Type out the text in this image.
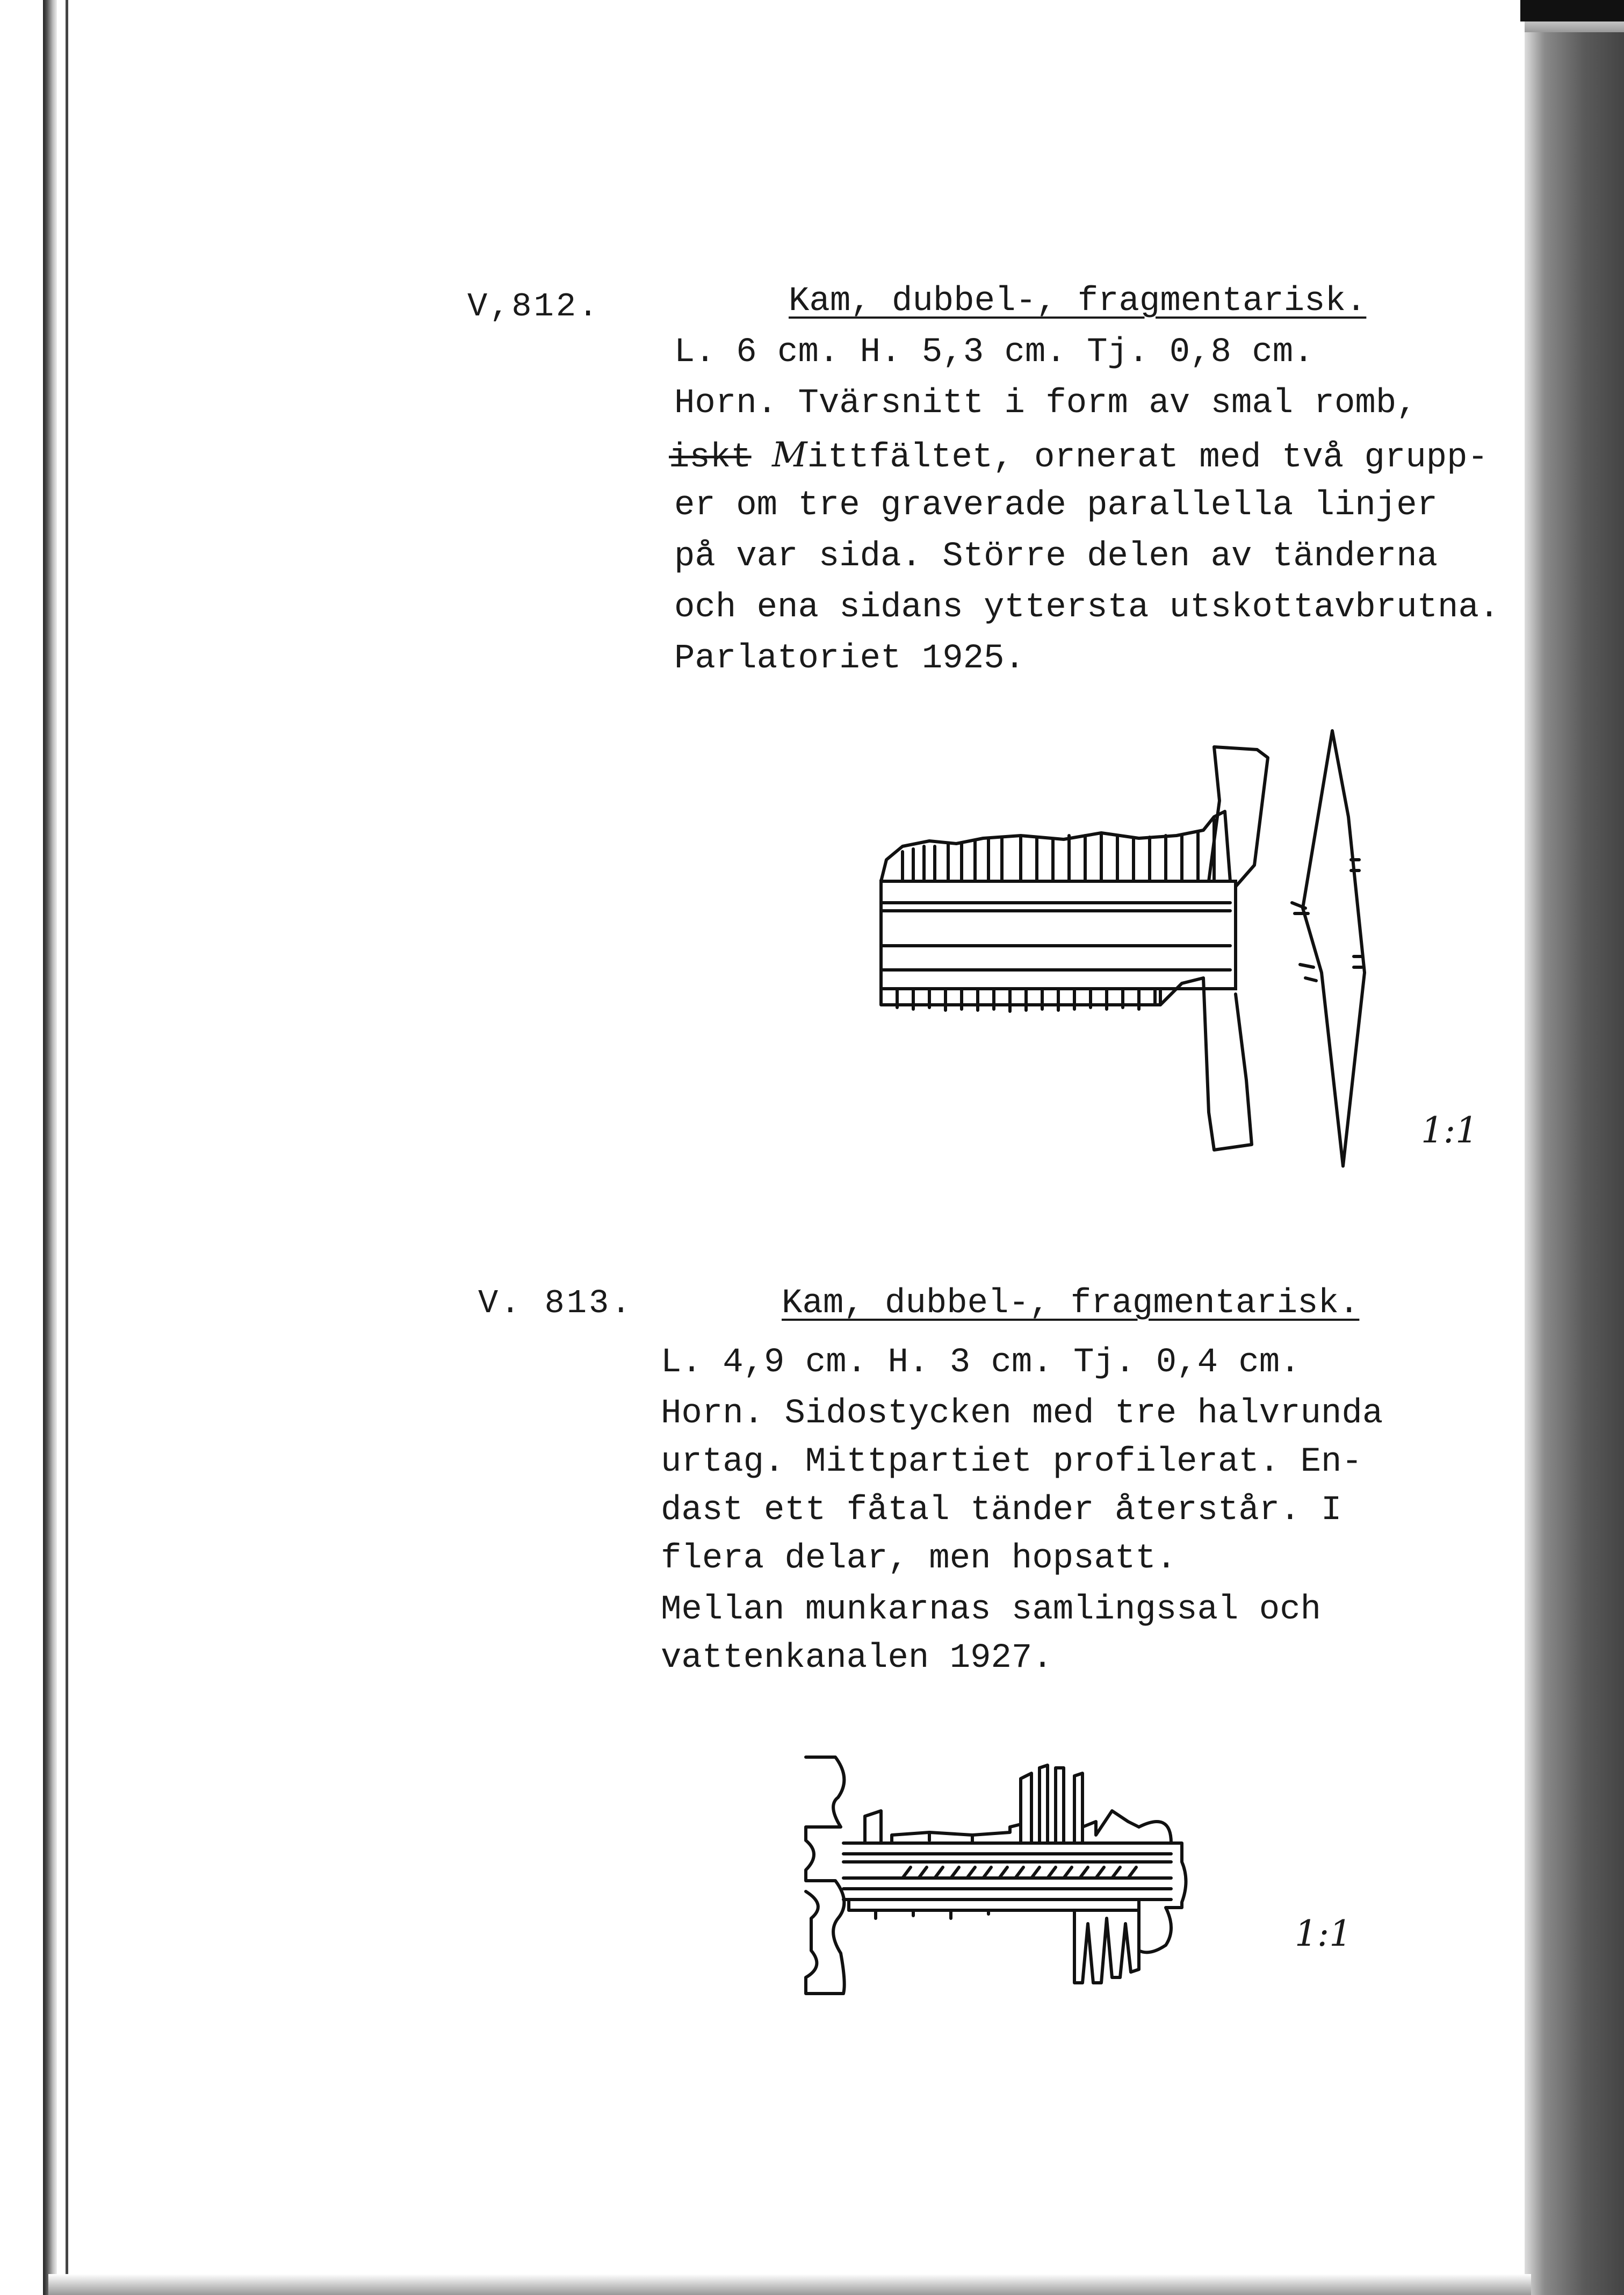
V,812.	Kam, dubbel-, fragmentarisk.
L. 6 cm. H. 5,3 cm. Tj. 0,8 cm.
Horn. Tvärsnitt i form av smal romb,
iskt Mittfältet, ornerat med två grupp-
er om tre graverade parallella linjer
på var sida. Större delen av tänderna
och ena sidans yttersta utskottavbrutna.
Parlatoriet 1925.
1:1
V. 813.	Kam, dubbel-, fragmentarisk.
L. 4,9 cm. H. 3 cm. Tj. 0,4 cm.
Horn. Sidostycken med tre halvrunda
urtag. Mittpartiet profilerat. En-
dast ett fåtal tänder återstår. I
flera delar, men hopsatt.
Mellan munkarnas samlingssal och
vattenkanalen 1927.
1:1
